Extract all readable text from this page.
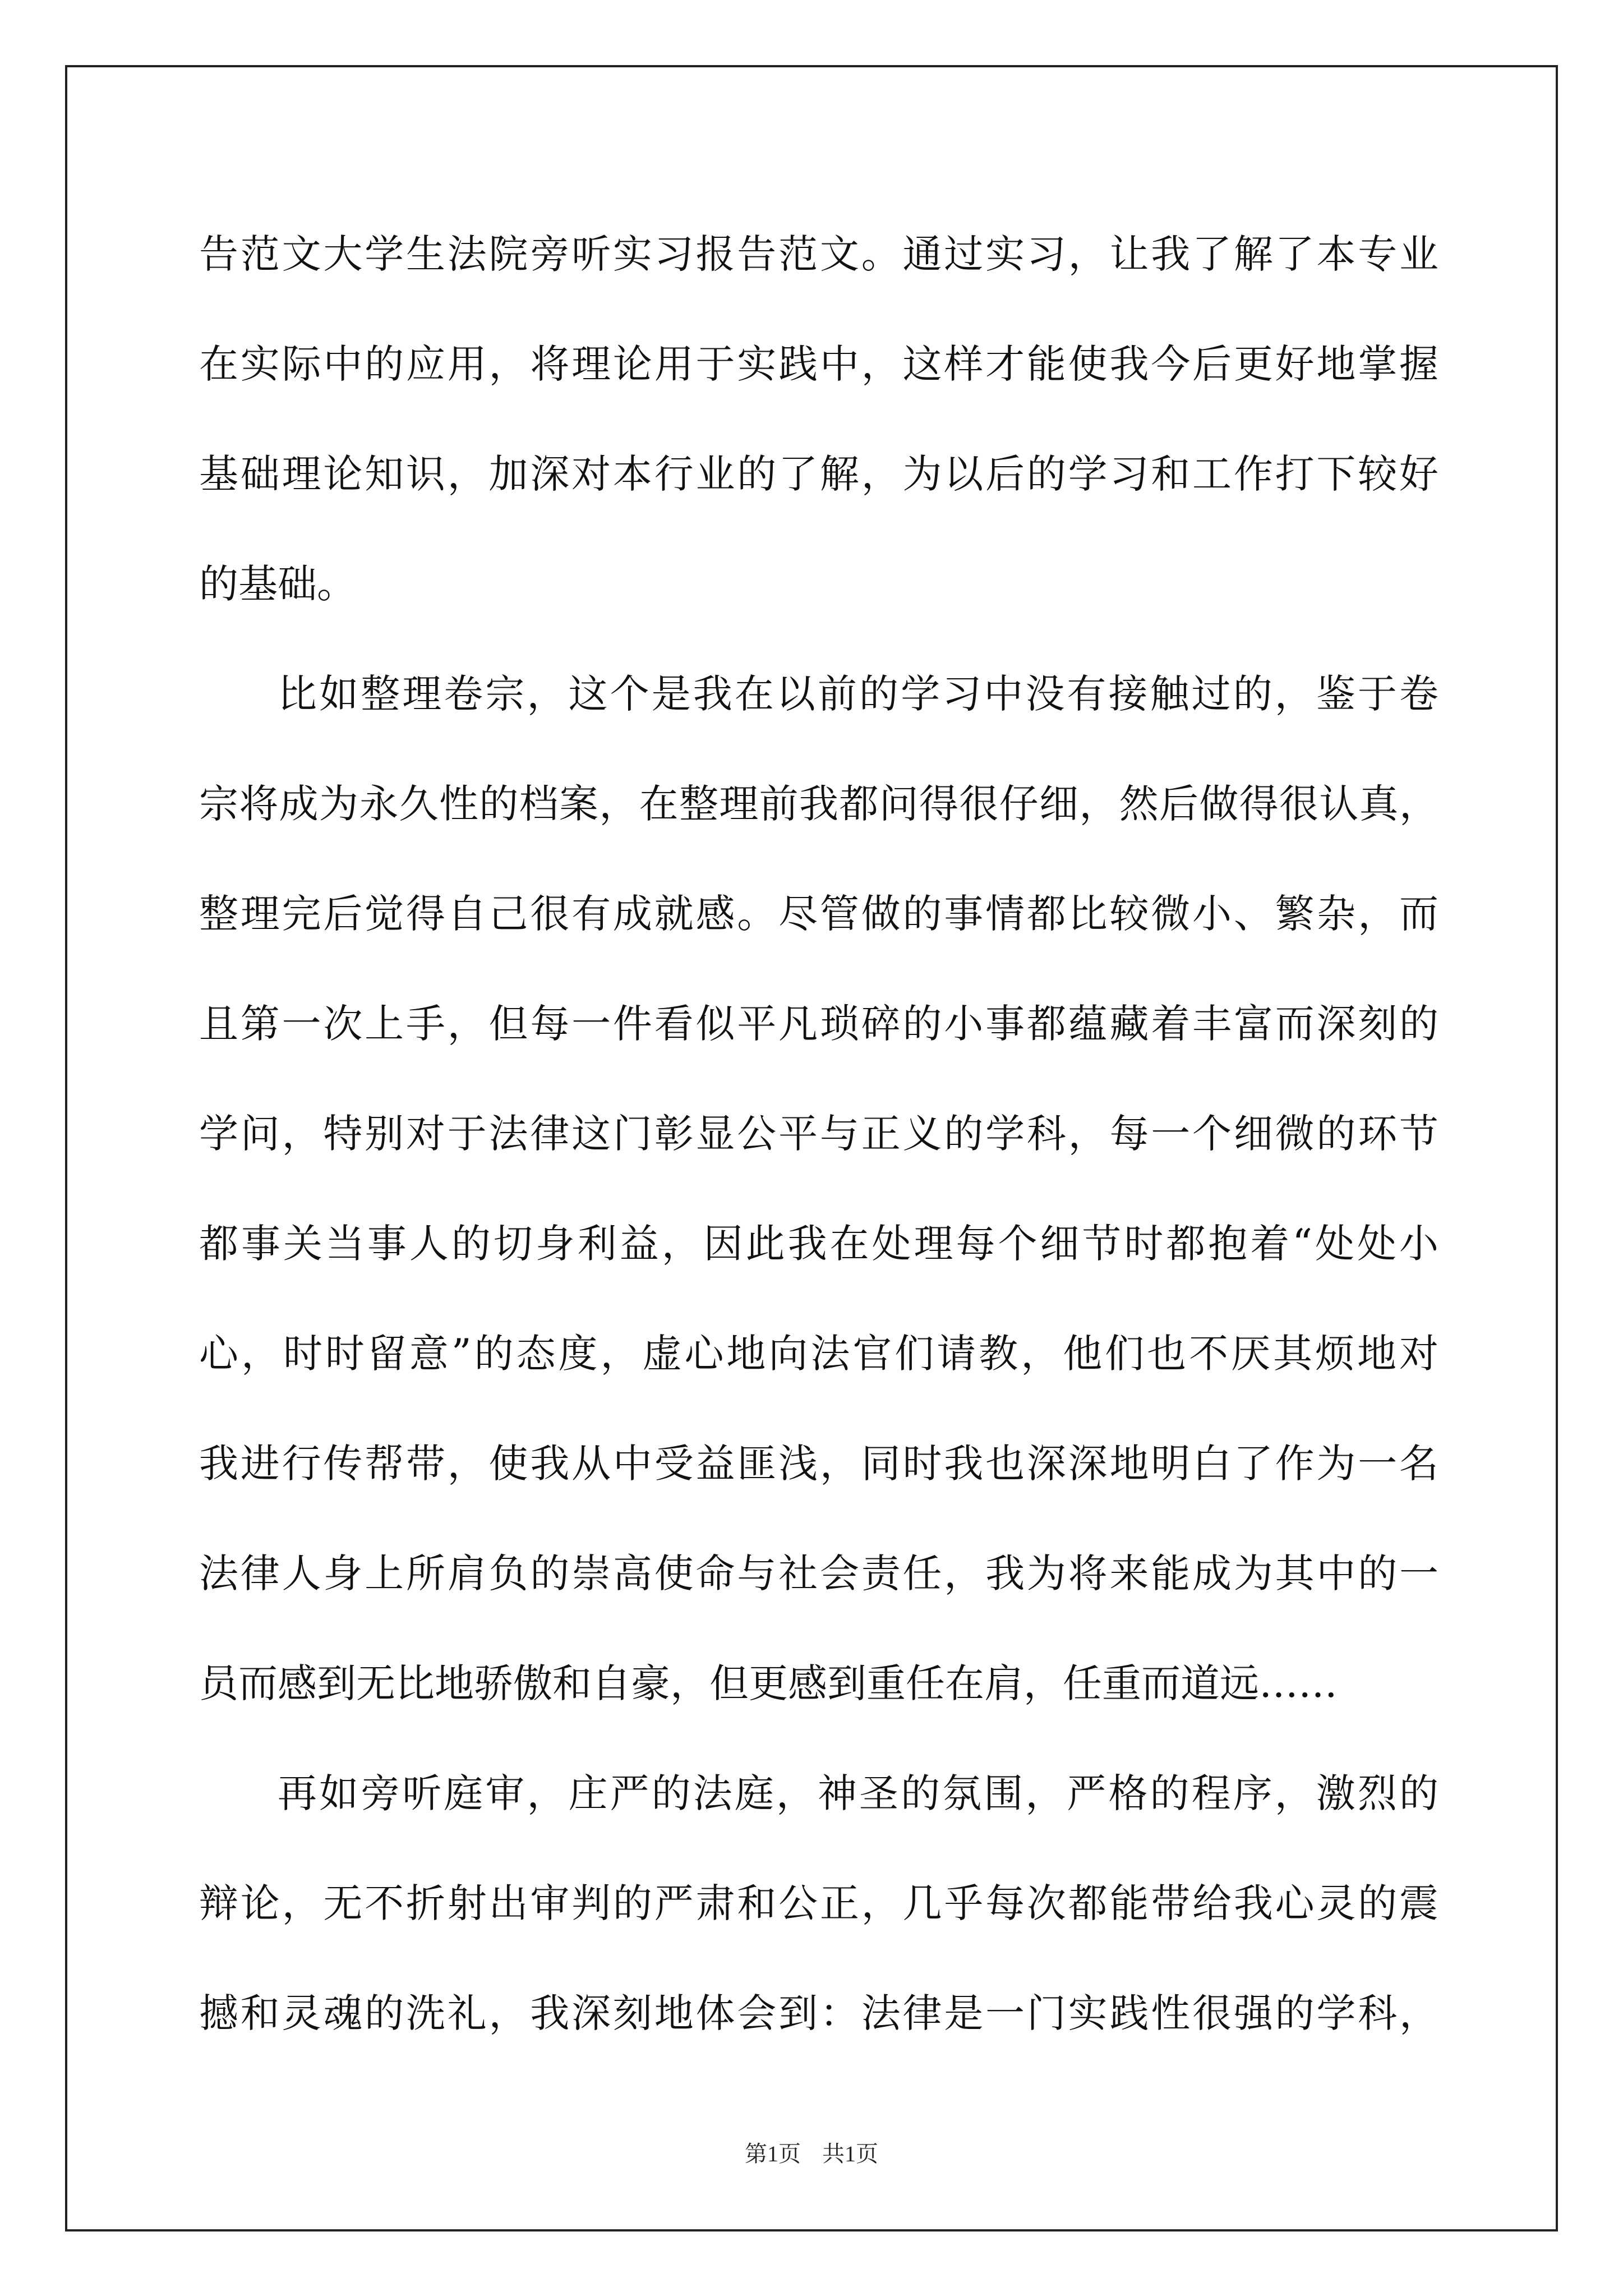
告范文大学生法院旁听实习报告范文。通过实习，让我了解了本专业
在实际中的应用，将理论用于实践中，这样才能使我今后更好地掌握
基础理论知识，加深对本行业的了解，为以后的学习和工作打下较好
的基础。
比如整理卷宗，这个是我在以前的学习中没有接触过的，鉴于卷
宗将成为永久性的档案，在整理前我都问得很仔细，然后做得很认真，
整理完后觉得自己很有成就感。尽管做的事情都比较微小、繁杂，而
且第一次上手，但每一件看似平凡琐碎的小事都蕴藏着丰富而深刻的
学问，特别对于法律这门彰显公平与正义的学科，每一个细微的环节
都事关当事人的切身利益，因此我在处理每个细节时都抱着“处处小
心，时时留意”的态度，虚心地向法官们请教，他们也不厌其烦地对
我进行传帮带，使我从中受益匪浅，同时我也深深地明白了作为一名
法律人身上所肩负的崇高使命与社会责任，我为将来能成为其中的一
员而感到无比地骄傲和自豪，但更感到重任在肩，任重而道远……
再如旁听庭审，庄严的法庭，神圣的氛围，严格的程序，激烈的
辩论，无不折射出审判的严肃和公正，几乎每次都能带给我心灵的震
撼和灵魂的洗礼，我深刻地体会到：法律是一门实践性很强的学科，
第1页 共1页
